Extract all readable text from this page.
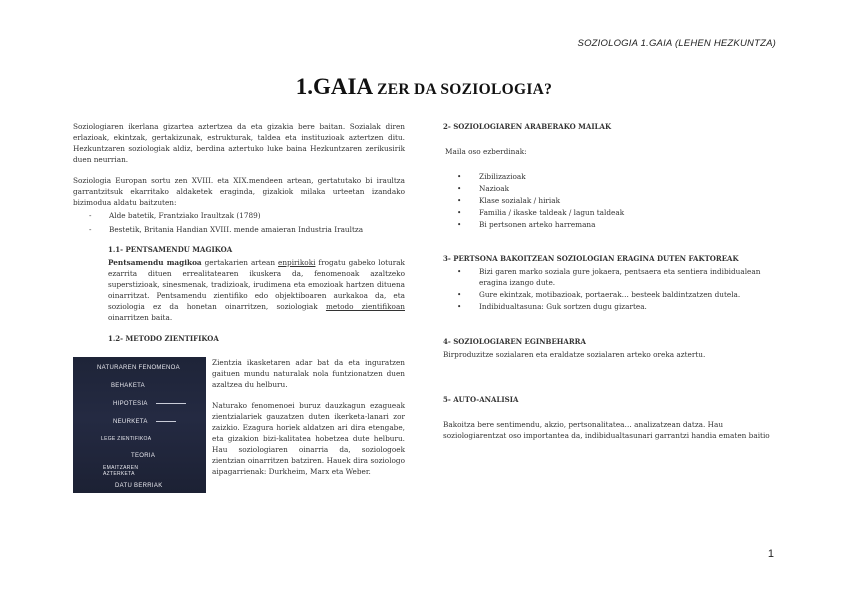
SOZIOLOGIA 1.GAIA (LEHEN HEZKUNTZA)
1.GAIA ZER DA SOZIOLOGIA?

Soziologiaren ikerlana gizartea aztertzea da eta gizakia bere baitan. Sozialak diren erlazioak, ekintzak, gertakizunak, estrukturak, taldea eta instituzioak aztertzen ditu. Hezkuntzaren soziologiak aldiz, berdina aztertuko luke baina Hezkuntzaren zerikusirik duen neurrian.

Soziologia Europan sortu zen XVIII. eta XIX.mendeen artean, gertatutako bi iraultza garrantzitsuk ekarritako aldaketek eraginda, gizakiok milaka urteetan izandako bizimodua aldatu baitzuten:

- Alde batetik, Frantziako Iraultzak (1789)
- Bestetik, Britania Handian XVIII. mende amaieran Industria Iraultza
1.1- PENTSAMENDU MAGIKOA

Pentsamendu magikoa gertakarien artean enpirikoki frogatu gabeko loturak ezarrita dituen errealitatearen ikuskera da, fenomenoak azaltzeko superstizioak, sinesmenak, tradizioak, irudimena eta emozioak hartzen dituena oinarritzat. Pentsamendu zientifiko edo objektiboaren aurkakoa da, eta soziologia ez da honetan oinarritzen, soziologiak metodo zientifikoan oinarritzen baita.

1.2- METODO ZIENTIFIKOA
NATURAREN FENOMENOA
BEHAKETA
HIPOTESIA
NEURKETA
LEGE ZIENTIFIKOA
TEORIA
EMAITZAREN AZTERKETA
DATU BERRIAK

Zientzia ikasketaren adar bat da eta inguratzen gaituen mundu naturalak nola funtzionatzen duen azaltzea du helburu.

Naturako fenomenoei buruz dauzkagun ezagueak zientzialariek gauzatzen duten ikerketa-lanari zor zaizkio. Ezagura horiek aldatzen ari dira etengabe, eta gizakion bizi-kalitatea hobetzea dute helburu. Hau soziologiaren oinarria da, soziologoek zientzian oinarritzen batziren. Hauek dira soziologo aipagarrienak: Durkheim, Marx eta Weber.

2- SOZIOLOGIAREN ARABERAKO MAILAK

Maila oso ezberdinak:

• Zibilizazioak
• Nazioak
• Klase sozialak / hiriak
• Familia / ikaske taldeak / lagun taldeak
• Bi pertsonen arteko harremana
3- PERTSONA BAKOITZEAN SOZIOLOGIAN ERAGINA DUTEN FAKTOREAK
• Bizi garen marko soziala gure jokaera, pentsaera eta sentiera indibidualean eragina izango dute.
• Gure ekintzak, motibazioak, portaerak… besteek baldintzatzen dutela.
• Indibidualtasuna: Guk sortzen dugu gizartea.
4- SOZIOLOGIAREN EGINBEHARRA

Birproduzitze sozialaren eta eraldatze sozialaren arteko oreka aztertu.

5- AUTO-ANALISIA

Bakoitza bere sentimendu, akzio, pertsonalitatea… analizatzean datza. Hau soziologiarentzat oso importantea da, indibidualtasunari garrantzi handia ematen baitio

1
